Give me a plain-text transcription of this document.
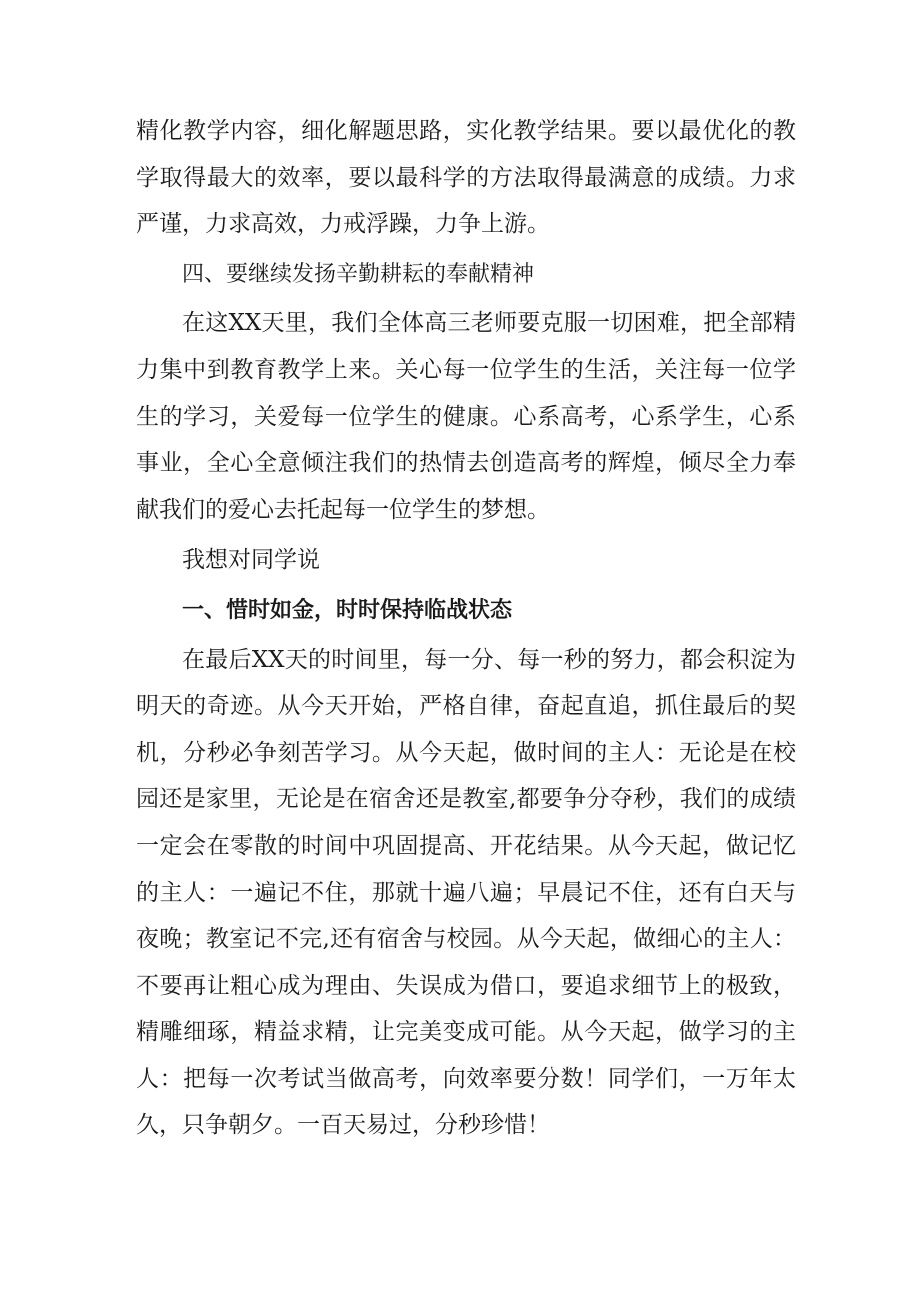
精化教学内容，细化解题思路，实化教学结果。要以最优化的教学取得最大的效率，要以最科学的方法取得最满意的成绩。力求严谨，力求高效，力戒浮躁，力争上游。

四、要继续发扬辛勤耕耘的奉献精神

在这XX天里，我们全体高三老师要克服一切困难，把全部精力集中到教育教学上来。关心每一位学生的生活，关注每一位学生的学习，关爱每一位学生的健康。心系高考，心系学生，心系事业，全心全意倾注我们的热情去创造高考的辉煌，倾尽全力奉献我们的爱心去托起每一位学生的梦想。

我想对同学说

一、惜时如金，时时保持临战状态

在最后XX天的时间里，每一分、每一秒的努力，都会积淀为明天的奇迹。从今天开始，严格自律，奋起直追，抓住最后的契机，分秒必争刻苦学习。从今天起，做时间的主人：无论是在校园还是家里，无论是在宿舍还是教室,都要争分夺秒，我们的成绩一定会在零散的时间中巩固提高、开花结果。从今天起，做记忆的主人：一遍记不住，那就十遍八遍；早晨记不住，还有白天与夜晚；教室记不完,还有宿舍与校园。从今天起，做细心的主人：不要再让粗心成为理由、失误成为借口，要追求细节上的极致，精雕细琢，精益求精，让完美变成可能。从今天起，做学习的主人：把每一次考试当做高考，向效率要分数！同学们，一万年太久，只争朝夕。一百天易过，分秒珍惜！
